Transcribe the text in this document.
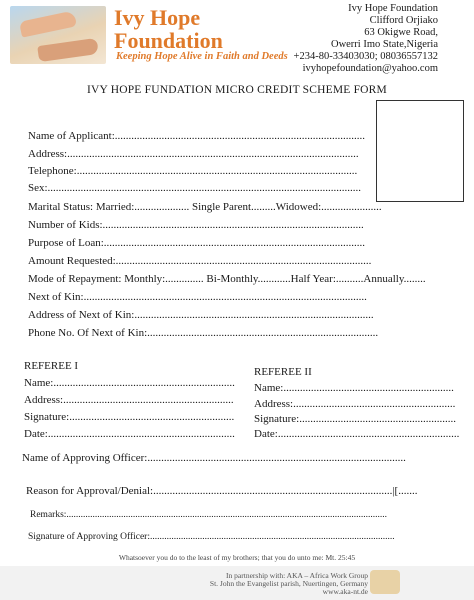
Ivy Hope
Foundation
Keeping Hope Alive in Faith and Deeds
Ivy Hope Foundation
Clifford Orjiako
63 Okigwe Road,
Owerri Imo State,Nigeria
+234-80-33403030; 08036557132
ivyhopefoundation@yahoo.com
IVY HOPE FUNDATION MICRO CREDIT SCHEME FORM
Name of Applicant:...........................................................................................
Address:..........................................................................................................
Telephone:......................................................................................................
Sex:..................................................................................................................
Marital Status: Married:.................... Single Parent.........Widowed:......................
Number of Kids:...............................................................................................
Purpose of Loan:...............................................................................................
Amount Requested:.............................................................................................
Mode of Repayment: Monthly:.............. Bi-Monthly............Half Year:..........Annually........
Next of Kin:.......................................................................................................
Address of Next of Kin:.......................................................................................
Phone No. Of Next of Kin:....................................................................................
REFEREE I
Name:..................................................................
Address:..............................................................
Signature:............................................................
Date:....................................................................
REFEREE II
Name:..............................................................
Address:...........................................................
Signature:.........................................................
Date:..................................................................
Name of Approving Officer:..............................................................................................
Reason for Approval/Denial:.......................................................................................|[.......
Remarks:.......................................................................................................................................
Signature of Approving Officer:.......................................................................................................
Whatsoever you do to the least of my brothers; that you do unto me: Mt. 25:45
In partnership with: AKA – Africa Work Group
St. John the Evangelist parish, Nuertingen, Germany
www.aka-nt.de
